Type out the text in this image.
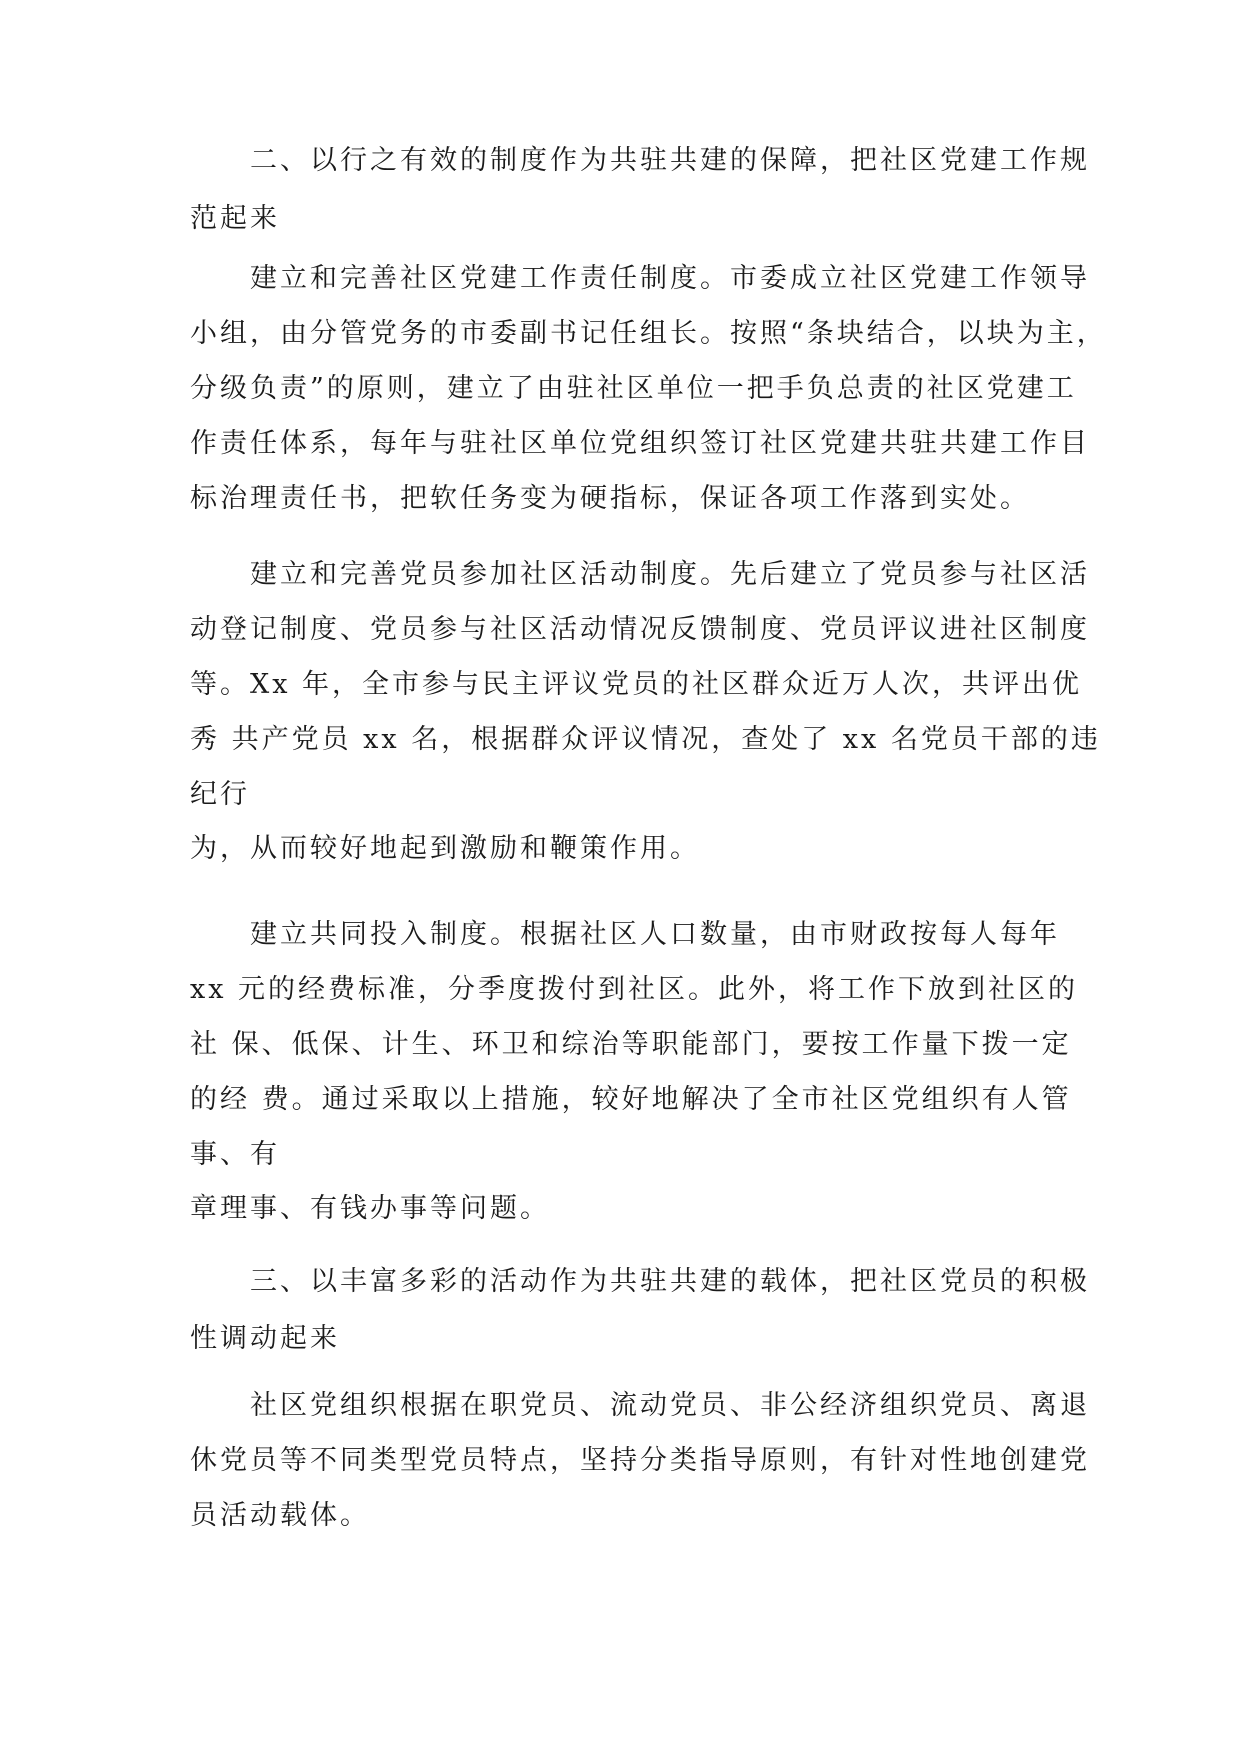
二、以行之有效的制度作为共驻共建的保障，把社区党建工作规

范起来

建立和完善社区党建工作责任制度。市委成立社区党建工作领导

小组，由分管党务的市委副书记任组长。按照“条块结合，以块为主，

分级负责”的原则，建立了由驻社区单位一把手负总责的社区党建工

作责任体系，每年与驻社区单位党组织签订社区党建共驻共建工作目

标治理责任书，把软任务变为硬指标，保证各项工作落到实处。

建立和完善党员参加社区活动制度。先后建立了党员参与社区活

动登记制度、党员参与社区活动情况反馈制度、党员评议进社区制度

等。Xx 年，全市参与民主评议党员的社区群众近万人次，共评出优

秀 共产党员 xx 名，根据群众评议情况，查处了 xx 名党员干部的违

纪行

为，从而较好地起到激励和鞭策作用。

建立共同投入制度。根据社区人口数量，由市财政按每人每年

xx 元的经费标准，分季度拨付到社区。此外，将工作下放到社区的

社 保、低保、计生、环卫和综治等职能部门，要按工作量下拨一定

的经 费。通过采取以上措施，较好地解决了全市社区党组织有人管

事、有

章理事、有钱办事等问题。

三、以丰富多彩的活动作为共驻共建的载体，把社区党员的积极

性调动起来

社区党组织根据在职党员、流动党员、非公经济组织党员、离退

休党员等不同类型党员特点，坚持分类指导原则，有针对性地创建党

员活动载体。
